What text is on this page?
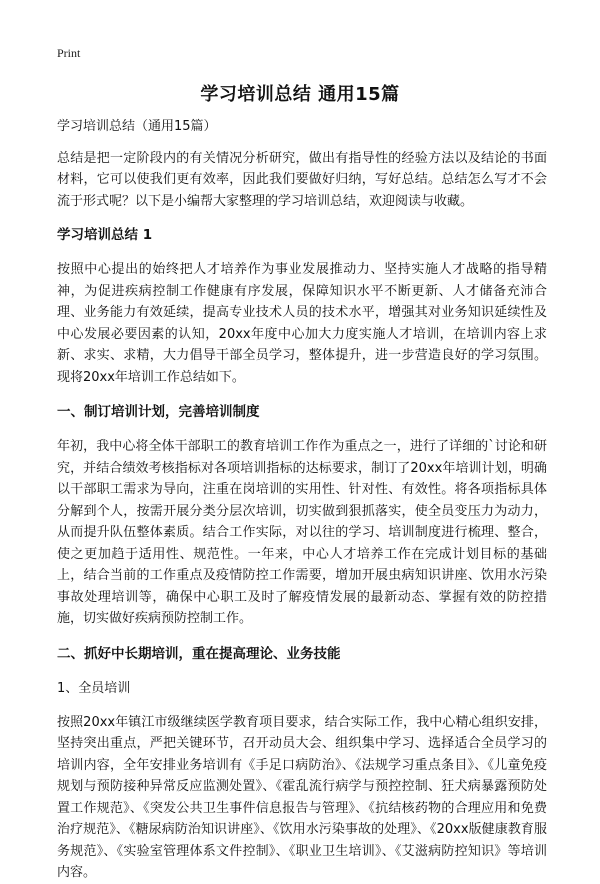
Print
学习培训总结 通用15篇

学习培训总结（通用15篇）

总结是把一定阶段内的有关情况分析研究，做出有指导性的经验方法以及结论的书面材料，它可以使我们更有效率，因此我们要做好归纳，写好总结。总结怎么写才不会流于形式呢？以下是小编帮大家整理的学习培训总结，欢迎阅读与收藏。

学习培训总结 1

按照中心提出的始终把人才培养作为事业发展推动力、坚持实施人才战略的指导精神，为促进疾病控制工作健康有序发展，保障知识水平不断更新、人才储备充沛合理、业务能力有效延续，提高专业技术人员的技术水平，增强其对业务知识延续性及中心发展必要因素的认知，20xx年度中心加大力度实施人才培训，在培训内容上求新、求实、求精，大力倡导干部全员学习，整体提升，进一步营造良好的学习氛围。现将20xx年培训工作总结如下。

一、制订培训计划，完善培训制度

年初，我中心将全体干部职工的教育培训工作作为重点之一，进行了详细的`讨论和研究，并结合绩效考核指标对各项培训指标的达标要求，制订了20xx年培训计划，明确以干部职工需求为导向，注重在岗培训的实用性、针对性、有效性。将各项指标具体分解到个人，按需开展分类分层次培训，切实做到狠抓落实，使全员变压力为动力，从而提升队伍整体素质。结合工作实际，对以往的学习、培训制度进行梳理、整合，使之更加趋于适用性、规范性。一年来，中心人才培养工作在完成计划目标的基础上，结合当前的工作重点及疫情防控工作需要，增加开展虫病知识讲座、饮用水污染事故处理培训等，确保中心职工及时了解疫情发展的最新动态、掌握有效的防控措施，切实做好疾病预防控制工作。

二、抓好中长期培训，重在提高理论、业务技能
1、全员培训

按照20xx年镇江市级继续医学教育项目要求，结合实际工作，我中心精心组织安排，坚持突出重点，严把关键环节，召开动员大会、组织集中学习、选择适合全员学习的培训内容，全年安排业务培训有《手足口病防治》、《法规学习重点条目》、《儿童免疫规划与预防接种异常反应监测处置》、《霍乱流行病学与预控控制、狂犬病暴露预防处置工作规范》、《突发公共卫生事件信息报告与管理》、《抗结核药物的合理应用和免费治疗规范》、《糖尿病防治知识讲座》、《饮用水污染事故的处理》、《20xx版健康教育服务规范》、《实验室管理体系文件控制》、《职业卫生培训》、《艾滋病防控知识》等培训内容。
